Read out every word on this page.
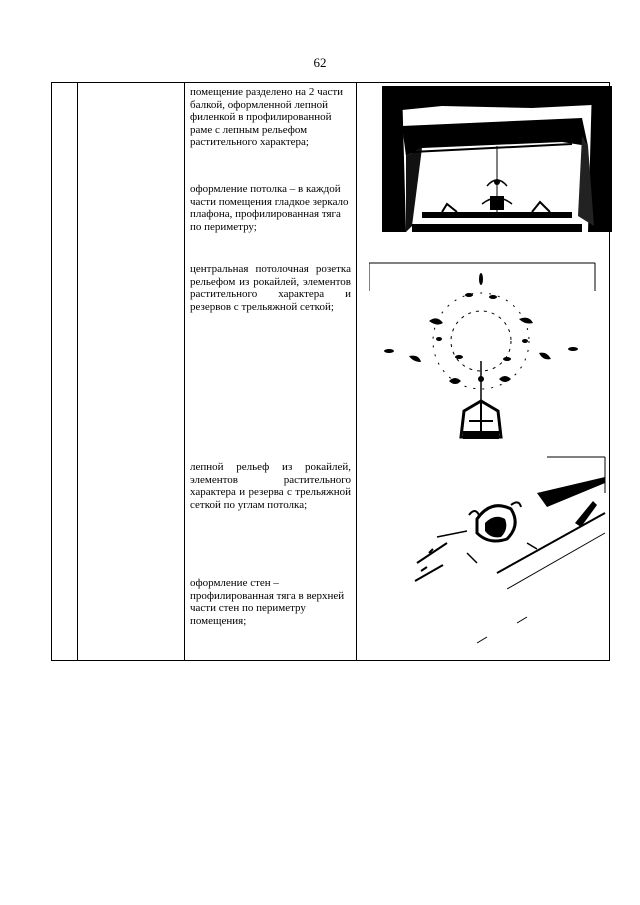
62

помещение разделено на 2 части балкой, оформленной лепной филенкой в профилированной раме с лепным рельефом растительного характера;
оформление потолка – в каждой части помещения гладкое зеркало плафона, профилированная тяга по периметру;
центральная потолочная розетка рельефом из рокайлей, элементов растительного характера и резервов с трельяжной сеткой;
лепной рельеф из рокайлей, элементов растительного характера и резерва с трельяжной сеткой по углам потолка;
оформление стен – профилированная тяга в верхней части стен по периметру помещения;
